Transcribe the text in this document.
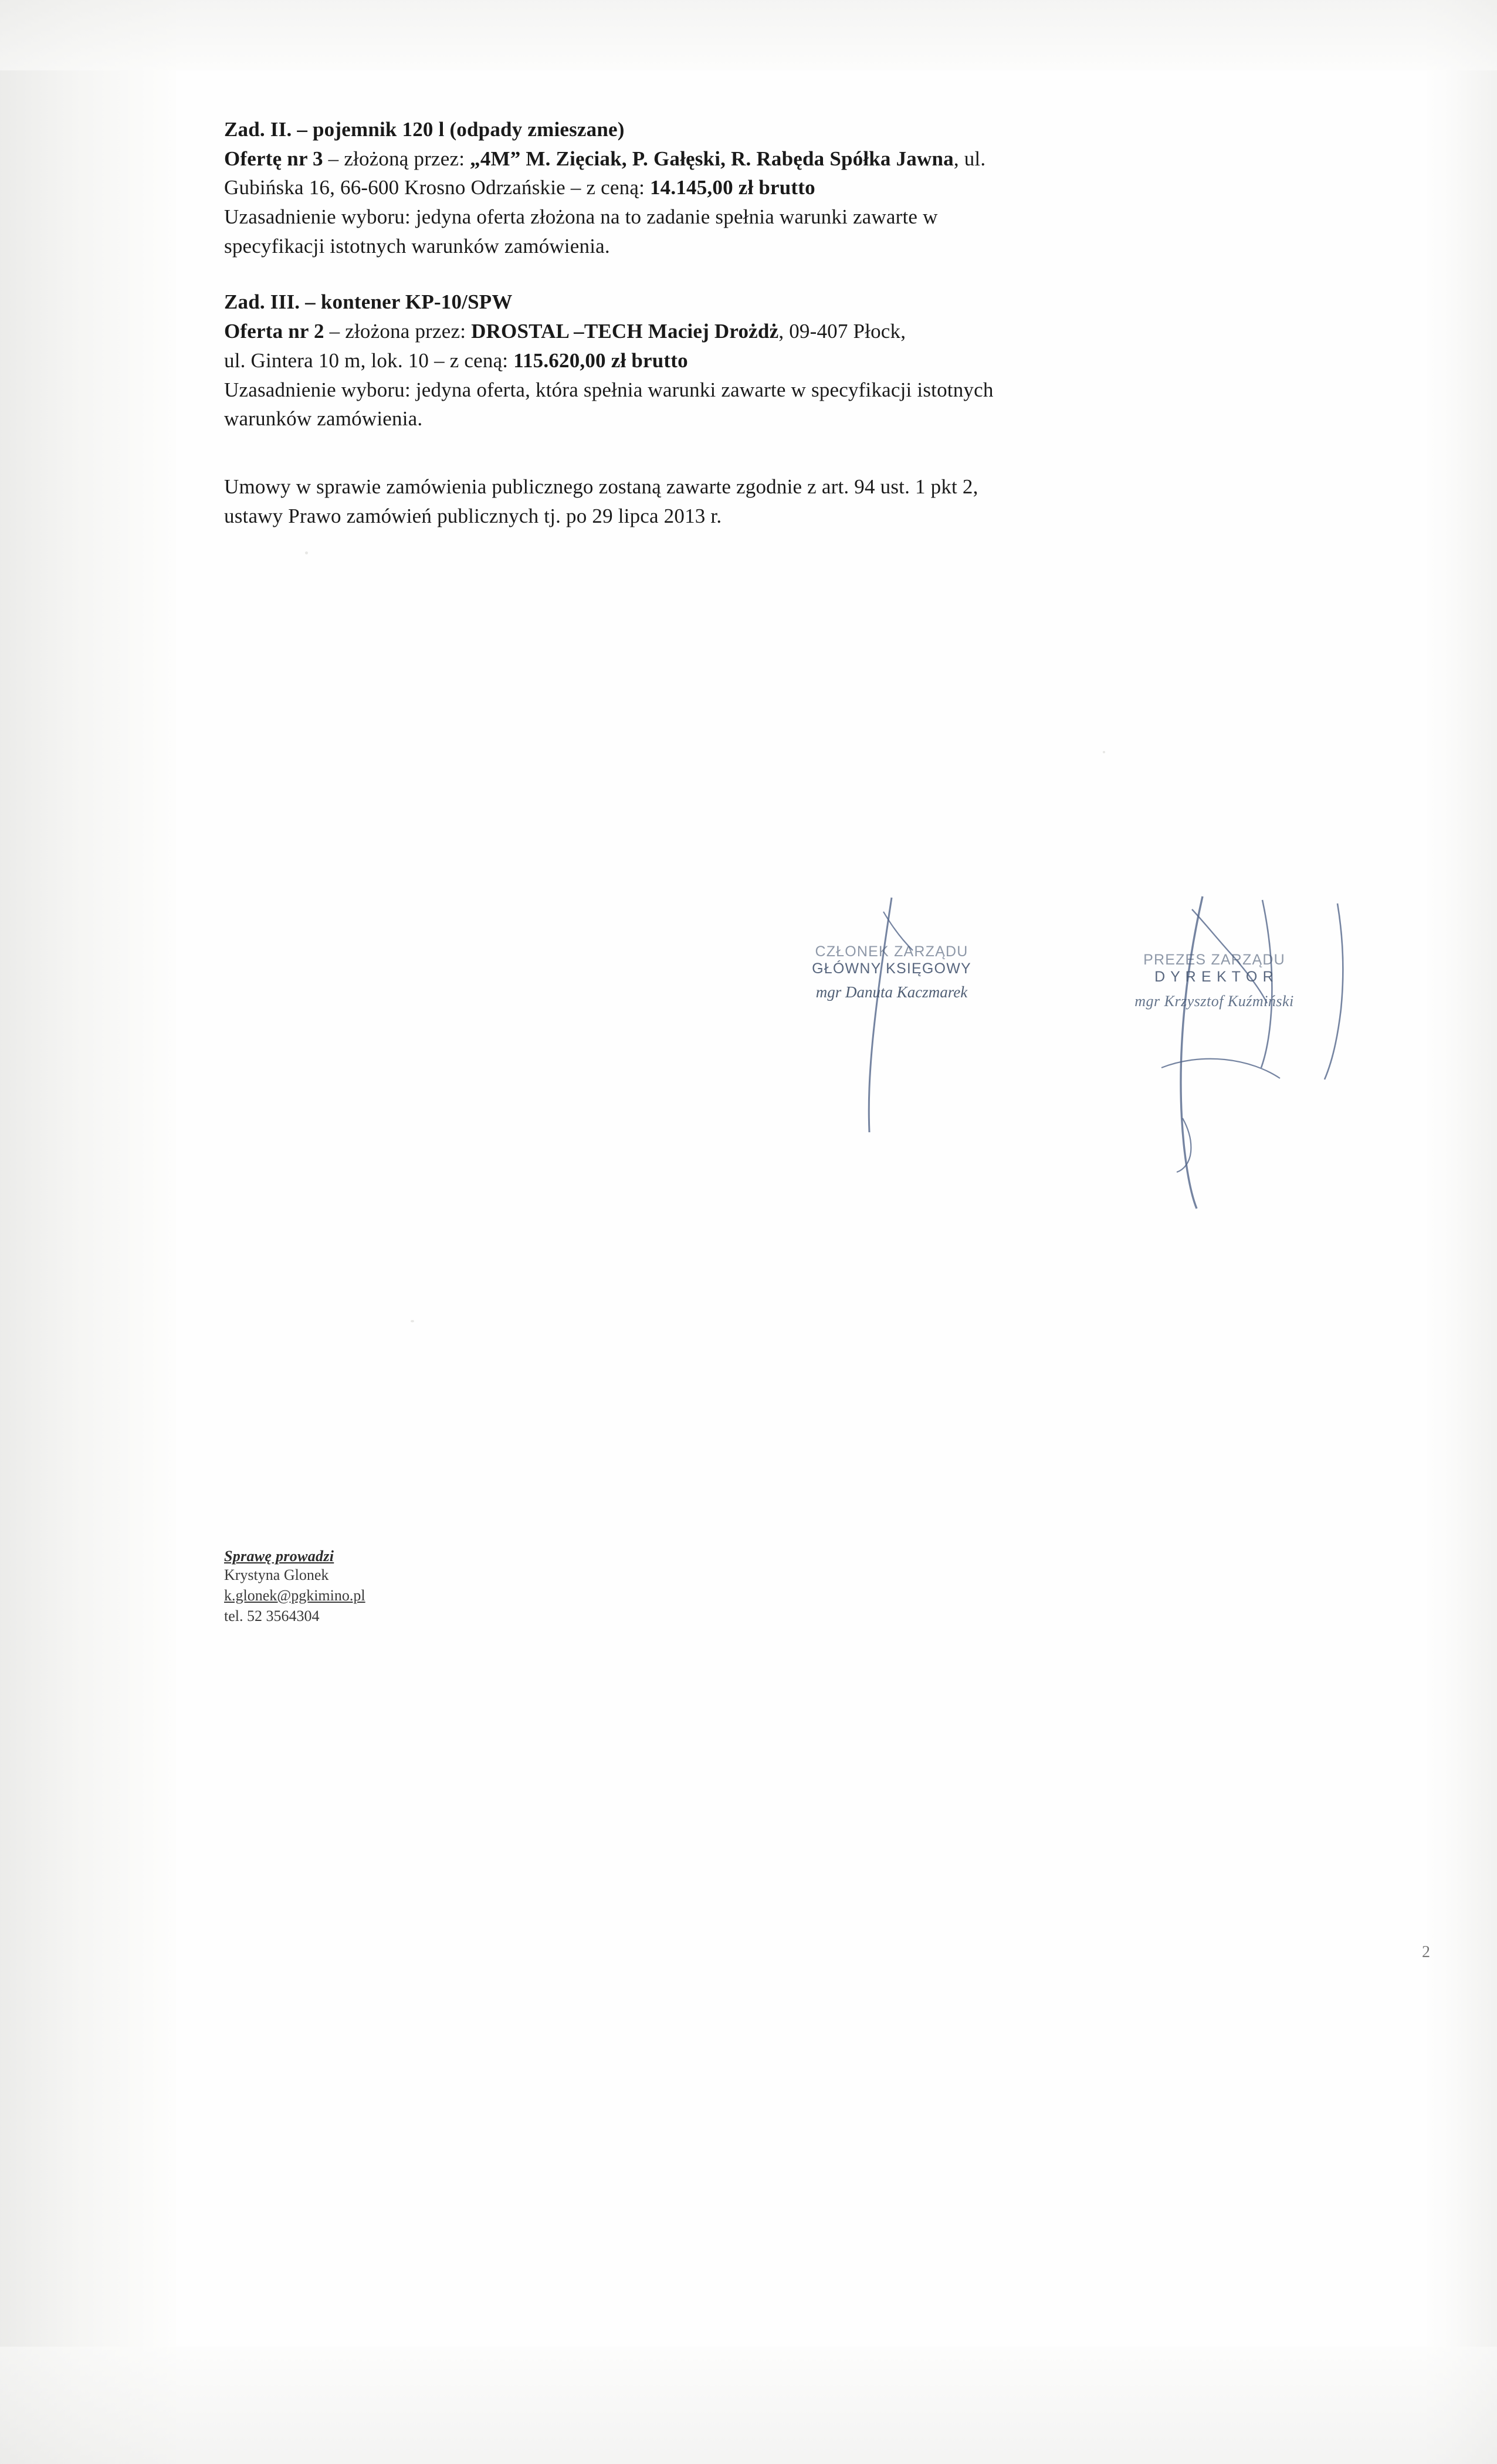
Zad. II. – pojemnik 120 l (odpady zmieszane)

Ofertę nr 3 – złożoną przez: „4M” M. Zięciak, P. Gałęski, R. Rabęda Spółka Jawna, ul.

Gubińska 16, 66-600 Krosno Odrzańskie – z ceną: 14.145,00 zł brutto

Uzasadnienie wyboru: jedyna oferta złożona na to zadanie spełnia warunki zawarte w

specyfikacji istotnych warunków zamówienia.

Zad. III. – kontener KP-10/SPW

Oferta nr 2 – złożona przez: DROSTAL –TECH Maciej Drożdż, 09-407 Płock,

ul. Gintera 10 m, lok. 10 – z ceną: 115.620,00 zł brutto

Uzasadnienie wyboru: jedyna oferta, która spełnia warunki zawarte w specyfikacji istotnych

warunków zamówienia.

Umowy w sprawie zamówienia publicznego zostaną zawarte zgodnie z art. 94 ust. 1 pkt 2,

ustawy Prawo zamówień publicznych tj. po 29 lipca 2013 r.

CZŁONEK ZARZĄDU
GŁÓWNY KSIĘGOWY
mgr Danuta Kaczmarek
PREZES ZARZĄDU
D Y R E K T O R
mgr Krzysztof Kuźmiński
Sprawę prowadzi
Krystyna Glonek
k.glonek@pgkimino.pl
tel. 52 3564304
2
